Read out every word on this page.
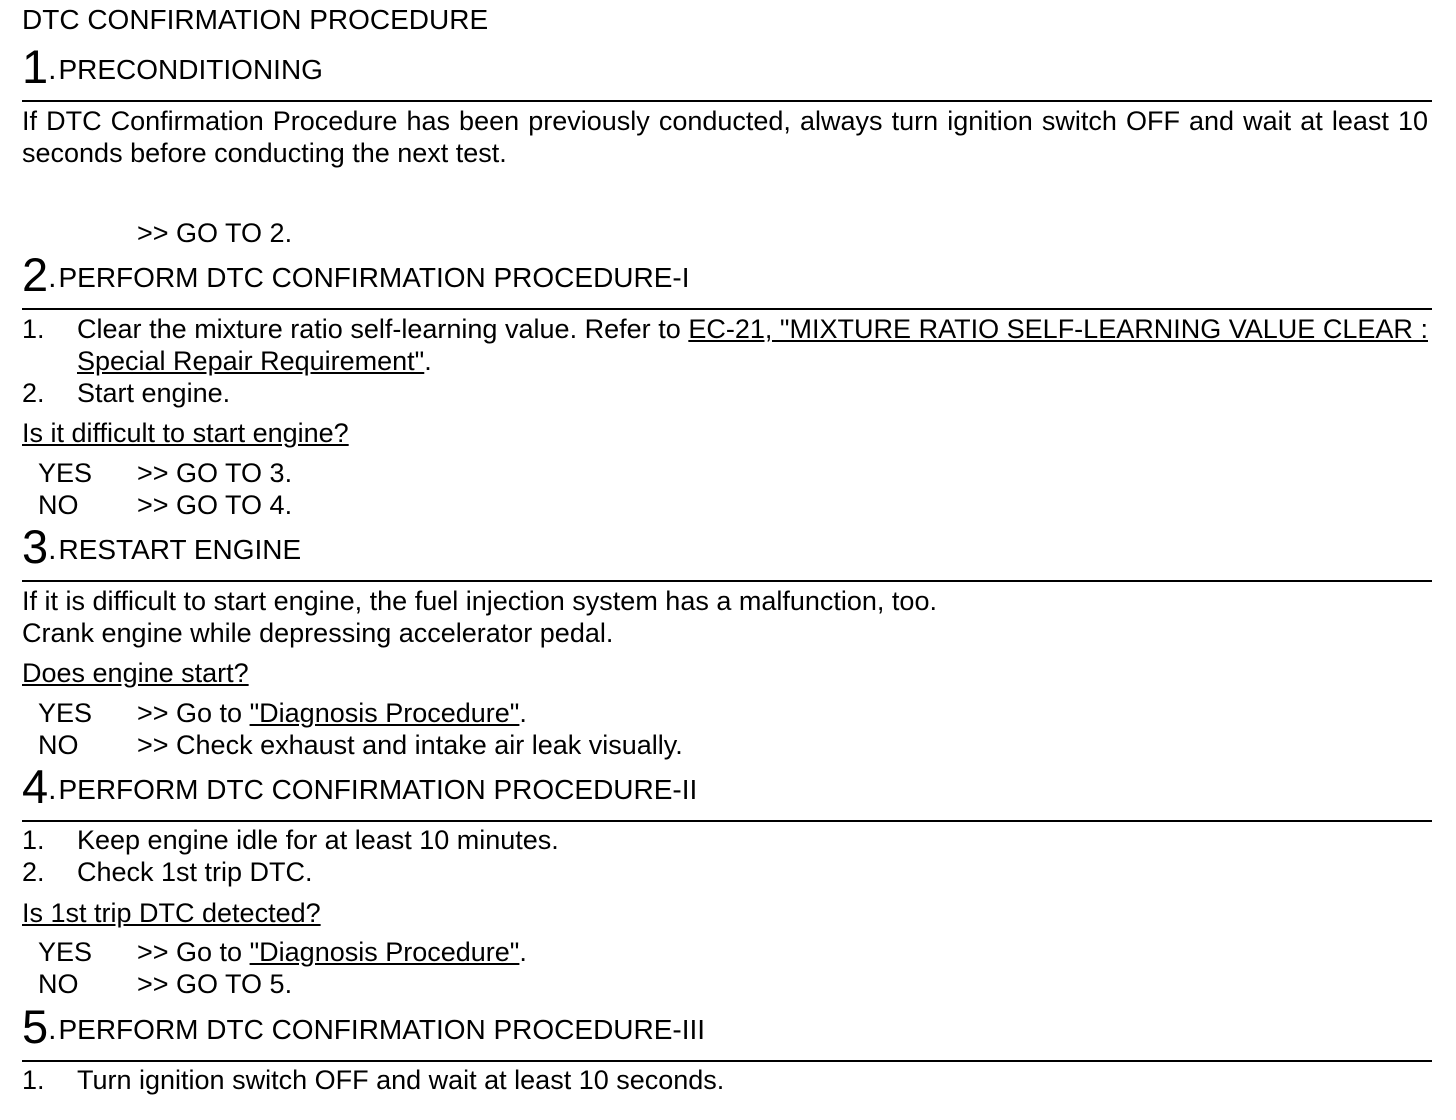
DTC CONFIRMATION PROCEDURE
1.PRECONDITIONING
If DTC Confirmation Procedure has been previously conducted, always turn ignition switch OFF and wait at least 10 seconds before conducting the next test.
>> GO TO 2.
2.PERFORM DTC CONFIRMATION PROCEDURE-I
1. Clear the mixture ratio self-learning value. Refer to EC-21, "MIXTURE RATIO SELF-LEARNING VALUE CLEAR : Special Repair Requirement".
2. Start engine.
Is it difficult to start engine?
YES >> GO TO 3.
NO >> GO TO 4.
3.RESTART ENGINE
If it is difficult to start engine, the fuel injection system has a malfunction, too.
Crank engine while depressing accelerator pedal.
Does engine start?
YES >> Go to "Diagnosis Procedure".
NO >> Check exhaust and intake air leak visually.
4.PERFORM DTC CONFIRMATION PROCEDURE-II
1. Keep engine idle for at least 10 minutes.
2. Check 1st trip DTC.
Is 1st trip DTC detected?
YES >> Go to "Diagnosis Procedure".
NO >> GO TO 5.
5.PERFORM DTC CONFIRMATION PROCEDURE-III
1. Turn ignition switch OFF and wait at least 10 seconds.
